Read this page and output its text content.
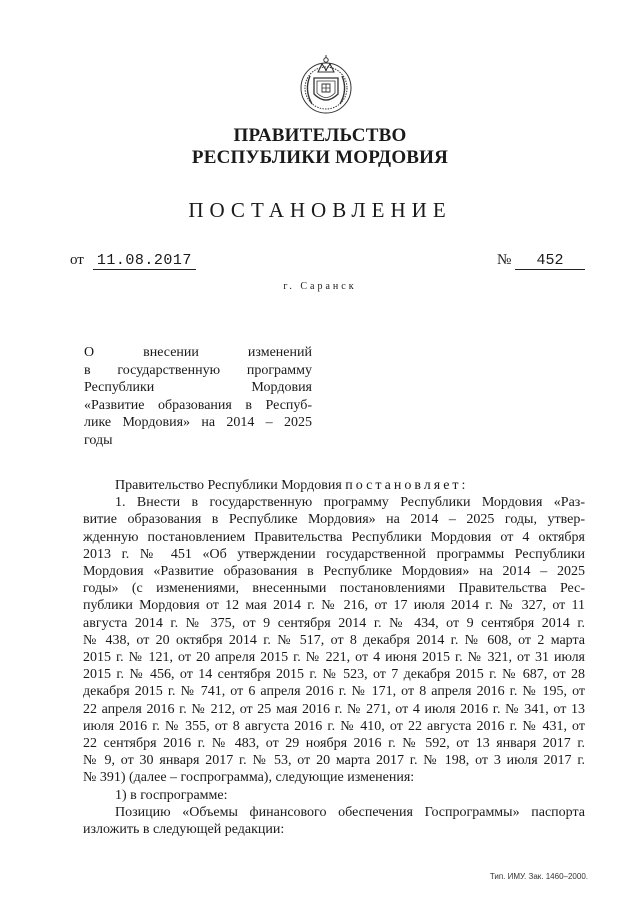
ПРАВИТЕЛЬСТВО
РЕСПУБЛИКИ МОРДОВИЯ
ПОСТАНОВЛЕНИЕ
от 11.08.2017	№ 452
г. Саранск
О внесении изменений
в государственную программу
Республики Мордовия
«Развитие образования в Респуб-
лике Мордовия» на 2014 – 2025
годы
Правительство Республики Мордовия постановляет:
1. Внести в государственную программу Республики Мордовия «Раз-
витие образования в Республике Мордовия» на 2014 – 2025 годы, утвер-
жденную постановлением Правительства Республики Мордовия от 4 октября
2013 г. № 451 «Об утверждении государственной программы Республики
Мордовия «Развитие образования в Республике Мордовия» на 2014 – 2025
годы» (с изменениями, внесенными постановлениями Правительства Рес-
публики Мордовия от 12 мая 2014 г. № 216, от 17 июля 2014 г. № 327, от 11
августа 2014 г. № 375, от 9 сентября 2014 г. № 434, от 9 сентября 2014 г.
№ 438, от 20 октября 2014 г. № 517, от 8 декабря 2014 г. № 608, от 2 марта
2015 г. № 121, от 20 апреля 2015 г. № 221, от 4 июня 2015 г. № 321, от 31 июля
2015 г. № 456, от 14 сентября 2015 г. № 523, от 7 декабря 2015 г. № 687, от 28
декабря 2015 г. № 741, от 6 апреля 2016 г. № 171, от 8 апреля 2016 г. № 195, от
22 апреля 2016 г. № 212, от 25 мая 2016 г. № 271, от 4 июля 2016 г. № 341, от 13
июля 2016 г. № 355, от 8 августа 2016 г. № 410, от 22 августа 2016 г. № 431, от
22 сентября 2016 г. № 483, от 29 ноября 2016 г. № 592, от 13 января 2017 г.
№ 9, от 30 января 2017 г. № 53, от 20 марта 2017 г. № 198, от 3 июля 2017 г.
№ 391) (далее – госпрограмма), следующие изменения:
1) в госпрограмме:
Позицию «Объемы финансового обеспечения Госпрограммы» паспорта
изложить в следующей редакции:
Тип. ИМУ. Зак. 1460–2000.
